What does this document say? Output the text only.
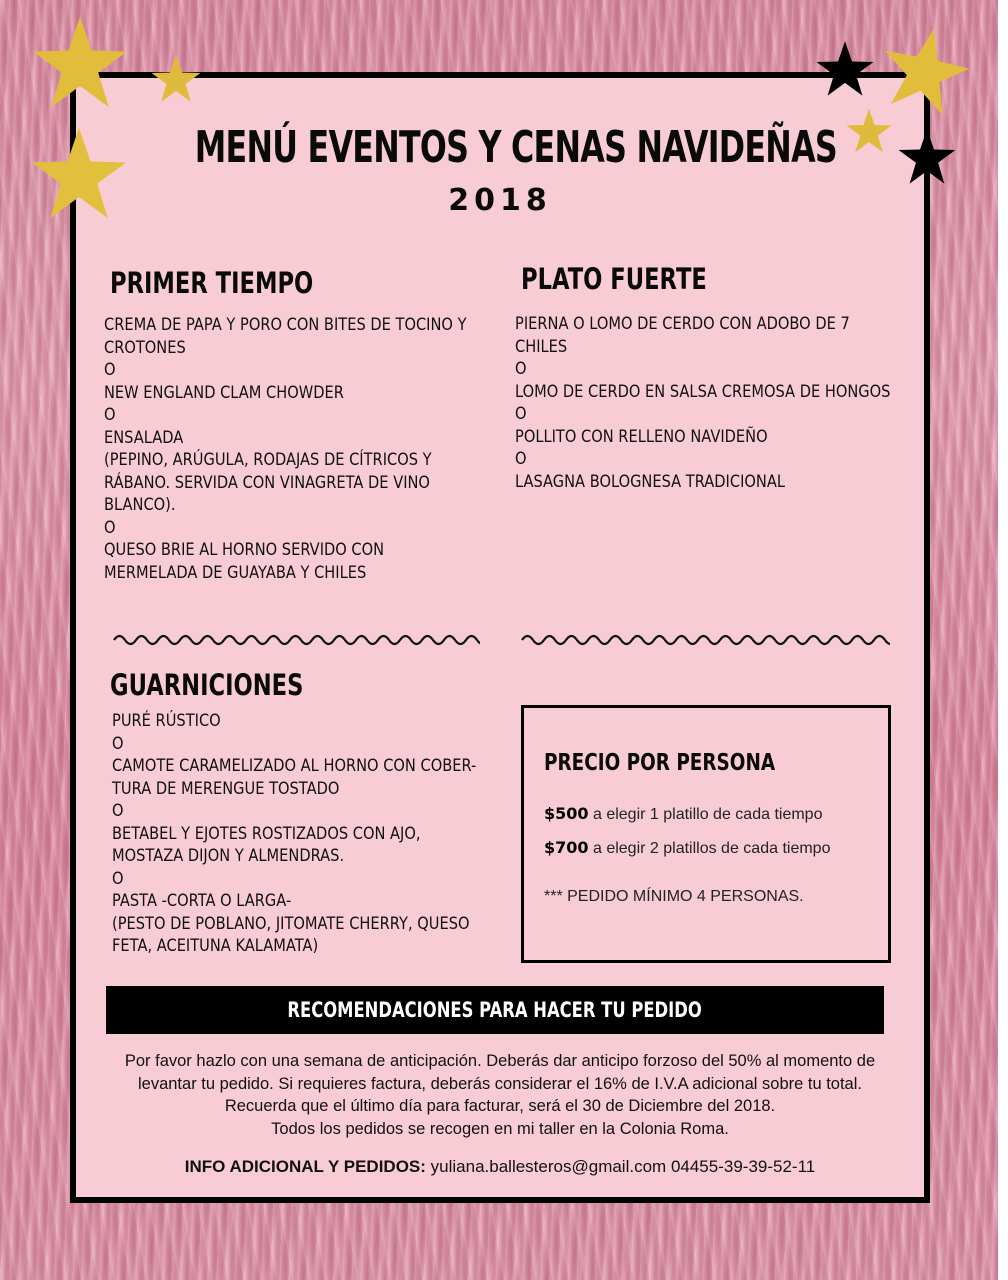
MENÚ EVENTOS Y CENAS NAVIDEÑAS
2018
PRIMER TIEMPO
CREMA DE PAPA Y PORO CON BITES DE TOCINO Y
CROTONES
O
NEW ENGLAND CLAM CHOWDER
O
ENSALADA
(PEPINO, ARÚGULA, RODAJAS DE CÍTRICOS Y
RÁBANO. SERVIDA CON VINAGRETA DE VINO
BLANCO).
O
QUESO BRIE AL HORNO SERVIDO CON
MERMELADA DE GUAYABA Y CHILES
PLATO FUERTE
PIERNA O LOMO DE CERDO CON ADOBO DE 7
CHILES
O
LOMO DE CERDO EN SALSA CREMOSA DE HONGOS
O
POLLITO CON RELLENO NAVIDEÑO
O
LASAGNA BOLOGNESA TRADICIONAL
GUARNICIONES
PURÉ RÚSTICO
O
CAMOTE CARAMELIZADO AL HORNO CON COBER-
TURA DE MERENGUE TOSTADO
O
BETABEL Y EJOTES ROSTIZADOS CON AJO,
MOSTAZA DIJON Y ALMENDRAS.
O
PASTA -CORTA O LARGA-
(PESTO DE POBLANO, JITOMATE CHERRY, QUESO
FETA, ACEITUNA KALAMATA)
PRECIO POR PERSONA
$500 a elegir 1 platillo de cada tiempo
$700 a elegir 2 platillos de cada tiempo
*** PEDIDO MÍNIMO 4 PERSONAS.
RECOMENDACIONES PARA HACER TU PEDIDO
Por favor hazlo con una semana de anticipación. Deberás dar anticipo forzoso del 50% al momento de
levantar tu pedido. Si requieres factura, deberás considerar el 16% de I.V.A adicional sobre tu total.
Recuerda que el último día para facturar, será el 30 de Diciembre del 2018.
Todos los pedidos se recogen en mi taller en la Colonia Roma.
INFO ADICIONAL Y PEDIDOS: yuliana.ballesteros@gmail.com 04455-39-39-52-11
